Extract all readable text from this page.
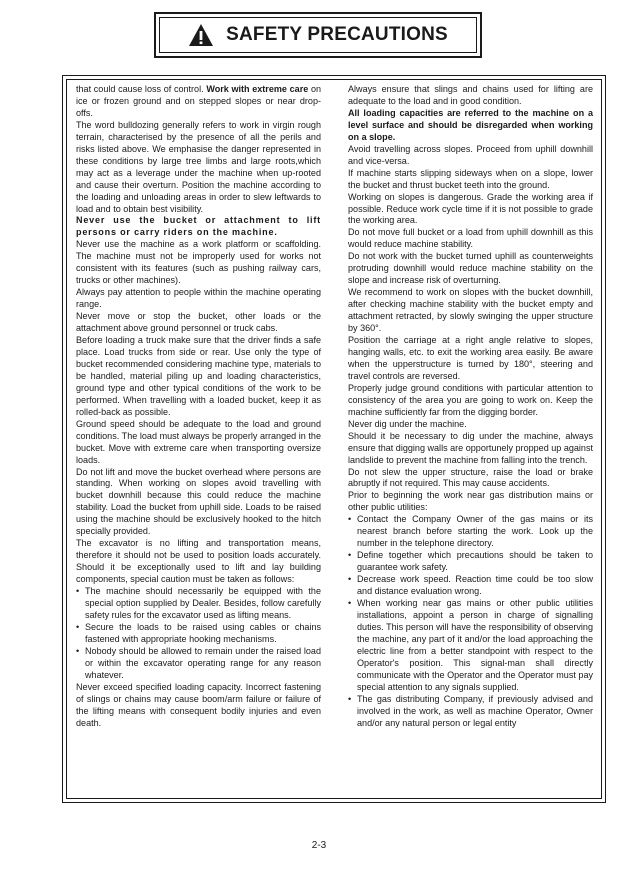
SAFETY PRECAUTIONS

that could cause loss of control. Work with extreme care on ice or frozen ground and on stepped slopes or near drop-offs.

The word bulldozing generally refers to work in virgin rough terrain, characterised by the presence of all the perils and risks listed above. We emphasise the danger represented in these conditions by large tree limbs and large roots,which may act as a leverage under the machine when up-rooted and cause their overturn. Position the machine according to the loading and unloading areas in order to slew leftwards to load and to obtain best visibility.

Never use the bucket or attachment to lift persons or carry riders on the machine.

Never use the machine as a work platform or scaffolding. The machine must not be improperly used for works not consistent with its features (such as pushing railway cars, trucks or other machines).

Always pay attention to people within the machine operating range.

Never move or stop the bucket, other loads or the attachment above ground personnel or truck cabs.

Before loading a truck make sure that the driver finds a safe place. Load trucks from side or rear. Use only the type of bucket recommended considering machine type, materials to be handled, material piling up and loading characteristics, ground type and other typical conditions of the work to be performed. When travelling with a loaded bucket, keep it as rolled-back as possible.

Ground speed should be adequate to the load and ground conditions. The load must always be properly arranged in the bucket. Move with extreme care when transporting oversize loads.

Do not lift and move the bucket overhead where persons are standing. When working on slopes avoid travelling with bucket downhill because this could reduce the machine stability. Load the bucket from uphill side. Loads to be raised using the machine should be exclusively hooked to the hitch specially provided.

The excavator is no lifting and transportation means, therefore it should not be used to position loads accurately. Should it be exceptionally used to lift and lay building components, special caution must be taken as follows:

• The machine should necessarily be equipped with the special option supplied by Dealer. Besides, follow carefully safety rules for the excavator used as lifting means.

• Secure the loads to be raised using cables or chains fastened with appropriate hooking mechanisms.

• Nobody should be allowed to remain under the raised load or within the excavator operating range for any reason whatever.

Never exceed specified loading capacity. Incorrect fastening of slings or chains may cause boom/arm failure or failure of the lifting means with consequent bodily injuries and even death.

Always ensure that slings and chains used for lifting are adequate to the load and in good condition.

All loading capacities are referred to the machine on a level surface and should be disregarded when working on a slope.

Avoid travelling across slopes. Proceed from uphill downhill and vice-versa.

If machine starts slipping sideways when on a slope, lower the bucket and thrust bucket teeth into the ground.

Working on slopes is dangerous. Grade the working area if possible. Reduce work cycle time if it is not possible to grade the working area.

Do not move full bucket or a load from uphill downhill as this would reduce machine stability.

Do not work with the bucket turned uphill as counterweights protruding downhill would reduce machine stability on the slope and increase risk of overturning.

We recommend to work on slopes with the bucket downhill, after checking machine stability with the bucket empty and attachment retracted, by slowly swinging the upper structure by 360°.

Position the carriage at a right angle relative to slopes, hanging walls, etc. to exit the working area easily. Be aware when the upperstructure is turned by 180°, steering and travel controls are reversed.

Properly judge ground conditions with particular attention to consistency of the area you are going to work on. Keep the machine sufficiently far from the digging border.

Never dig under the machine.

Should it be necessary to dig under the machine, always ensure that digging walls are opportunely propped up against landslide to prevent the machine from falling into the trench.

Do not slew the upper structure, raise the load or brake abruptly if not required. This may cause accidents.

Prior to beginning the work near gas distribution mains or other public utilities:

• Contact the Company Owner of the gas mains or its nearest branch before starting the work. Look up the number in the telephone directory.

• Define together which precautions should be taken to guarantee work safety.

• Decrease work speed. Reaction time could be too slow and distance evaluation wrong.

• When working near gas mains or other public utilities installations, appoint a person in charge of signalling duties. This person will have the responsibility of observing the machine, any part of it and/or the load approaching the electric line from a better standpoint with respect to the Operator's position. This signal-man shall directly communicate with the Operator and the Operator must pay special attention to any signals supplied.

• The gas distributing Company, if previously advised and involved in the work, as well as machine Operator, Owner and/or any natural person or legal entity

2-3
